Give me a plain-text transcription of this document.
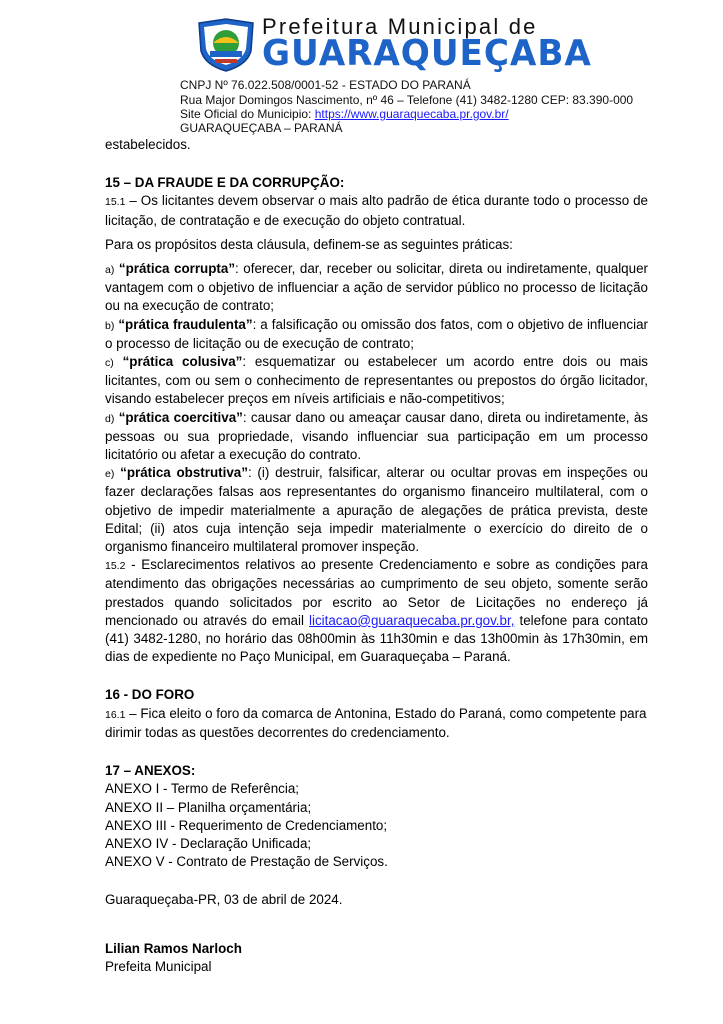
Prefeitura Municipal de
GUARAQUEÇABA
CNPJ Nº 76.022.508/0001-52 - ESTADO DO PARANÁ
Rua Major Domingos Nascimento, nº 46 – Telefone (41) 3482-1280 CEP: 83.390-000
Site Oficial do Municipio: https://www.guaraquecaba.pr.gov.br/
GUARAQUEÇABA – PARANÁ

estabelecidos.

15 – DA FRAUDE E DA CORRUPÇÃO:

15.1 – Os licitantes devem observar o mais alto padrão de ética durante todo o processo de licitação, de contratação e de execução do objeto contratual.

Para os propósitos desta cláusula, definem-se as seguintes práticas:

a) “prática corrupta”: oferecer, dar, receber ou solicitar, direta ou indiretamente, qualquer vantagem com o objetivo de influenciar a ação de servidor público no processo de licitação ou na execução de contrato;

b) “prática fraudulenta”: a falsificação ou omissão dos fatos, com o objetivo de influenciar o processo de licitação ou de execução de contrato;

c) “prática colusiva”: esquematizar ou estabelecer um acordo entre dois ou mais licitantes, com ou sem o conhecimento de representantes ou prepostos do órgão licitador, visando estabelecer preços em níveis artificiais e não-competitivos;

d) “prática coercitiva”: causar dano ou ameaçar causar dano, direta ou indiretamente, às pessoas ou sua propriedade, visando influenciar sua participação em um processo licitatório ou afetar a execução do contrato.

e) “prática obstrutiva”: (i) destruir, falsificar, alterar ou ocultar provas em inspeções ou fazer declarações falsas aos representantes do organismo financeiro multilateral, com o objetivo de impedir materialmente a apuração de alegações de prática prevista, deste Edital; (ii) atos cuja intenção seja impedir materialmente o exercício do direito de o organismo financeiro multilateral promover inspeção.

15.2 - Esclarecimentos relativos ao presente Credenciamento e sobre as condições para atendimento das obrigações necessárias ao cumprimento de seu objeto, somente serão prestados quando solicitados por escrito ao Setor de Licitações no endereço já mencionado ou através do email licitacao@guaraquecaba.pr.gov.br, telefone para contato (41) 3482-1280, no horário das 08h00min às 11h30min e das 13h00min às 17h30min, em dias de expediente no Paço Municipal, em Guaraqueçaba – Paraná.

16 - DO FORO

16.1 – Fica eleito o foro da comarca de Antonina, Estado do Paraná, como competente para dirimir todas as questões decorrentes do credenciamento.

17 – ANEXOS:

ANEXO I - Termo de Referência;

ANEXO II – Planilha orçamentária;

ANEXO III - Requerimento de Credenciamento;

ANEXO IV - Declaração Unificada;

ANEXO V - Contrato de Prestação de Serviços.

Guaraqueçaba-PR, 03 de abril de 2024.

Lilian Ramos Narloch

Prefeita Municipal
